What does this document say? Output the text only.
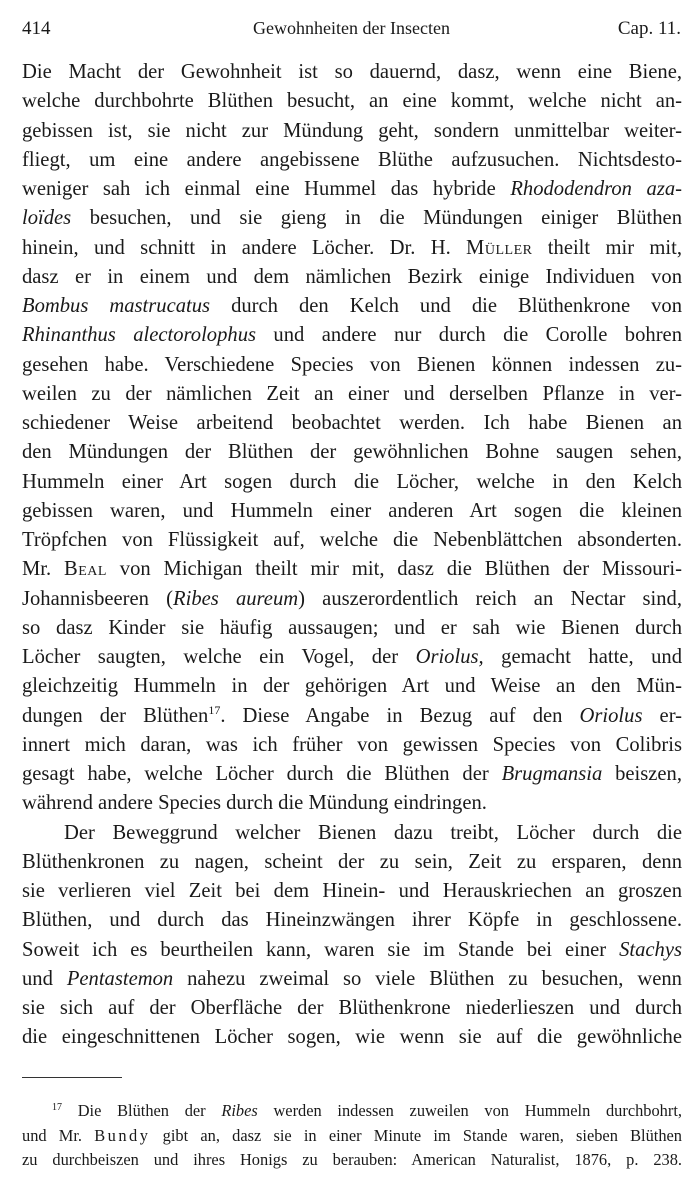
414	Gewohnheiten der Insecten	Cap. 11.
Die Macht der Gewohnheit ist so dauernd, dasz, wenn eine Biene,
welche durchbohrte Blüthen besucht, an eine kommt, welche nicht an-
gebissen ist, sie nicht zur Mündung geht, sondern unmittelbar weiter-
fliegt, um eine andere angebissene Blüthe aufzusuchen. Nichtsdesto-
weniger sah ich einmal eine Hummel das hybride Rhododendron aza-
loïdes besuchen, und sie gieng in die Mündungen einiger Blüthen
hinein, und schnitt in andere Löcher. Dr. H. Müller theilt mir mit,
dasz er in einem und dem nämlichen Bezirk einige Individuen von
Bombus mastrucatus durch den Kelch und die Blüthenkrone von
Rhinanthus alectorolophus und andere nur durch die Corolle bohren
gesehen habe. Verschiedene Species von Bienen können indessen zu-
weilen zu der nämlichen Zeit an einer und derselben Pflanze in ver-
schiedener Weise arbeitend beobachtet werden. Ich habe Bienen an
den Mündungen der Blüthen der gewöhnlichen Bohne saugen sehen,
Hummeln einer Art sogen durch die Löcher, welche in den Kelch
gebissen waren, und Hummeln einer anderen Art sogen die kleinen
Tröpfchen von Flüssigkeit auf, welche die Nebenblättchen absonderten.
Mr. Beal von Michigan theilt mir mit, dasz die Blüthen der Missouri-
Johannisbeeren (Ribes aureum) auszerordentlich reich an Nectar sind,
so dasz Kinder sie häufig aussaugen; und er sah wie Bienen durch
Löcher saugten, welche ein Vogel, der Oriolus, gemacht hatte, und
gleichzeitig Hummeln in der gehörigen Art und Weise an den Mün-
dungen der Blüthen$^{17}$. Diese Angabe in Bezug auf den Oriolus er-
innert mich daran, was ich früher von gewissen Species von Colibris
gesagt habe, welche Löcher durch die Blüthen der Brugmansia beiszen,
während andere Species durch die Mündung eindringen.
Der Beweggrund welcher Bienen dazu treibt, Löcher durch die
Blüthenkronen zu nagen, scheint der zu sein, Zeit zu ersparen, denn
sie verlieren viel Zeit bei dem Hinein- und Herauskriechen an groszen
Blüthen, und durch das Hineinzwängen ihrer Köpfe in geschlossene.
Soweit ich es beurtheilen kann, waren sie im Stande bei einer Stachys
und Pentastemon nahezu zweimal so viele Blüthen zu besuchen, wenn
sie sich auf der Oberfläche der Blüthenkrone niederlieszen und durch
die eingeschnittenen Löcher sogen, wie wenn sie auf die gewöhnliche
$^{17}$ Die Blüthen der Ribes werden indessen zuweilen von Hummeln durchbohrt,
und Mr. Bundy gibt an, dasz sie in einer Minute im Stande waren, sieben Blüthen
zu durchbeiszen und ihres Honigs zu berauben: American Naturalist, 1876, p. 238.
